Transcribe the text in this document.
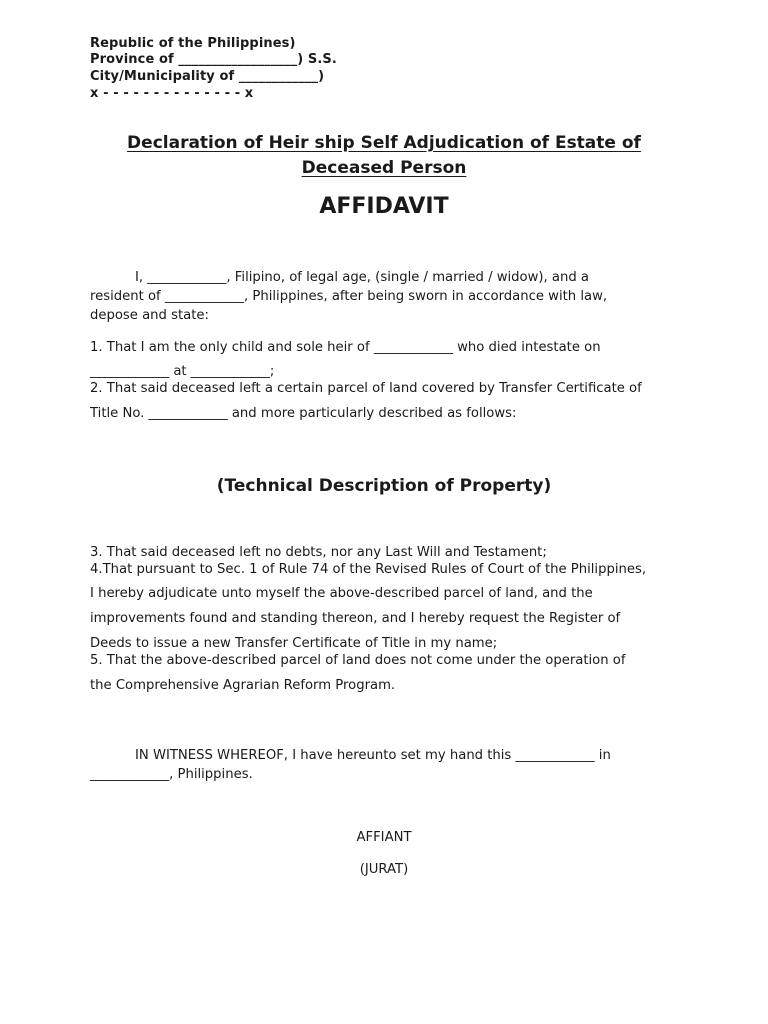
Republic of the Philippines)
Province of __________________) S.S.
City/Municipality of ____________)
x - - - - - - - - - - - - - - x
Declaration of Heir ship Self Adjudication of Estate of
Deceased Person
AFFIDAVIT
I, ____________, Filipino, of legal age, (single / married / widow), and a
resident of ____________, Philippines, after being sworn in accordance with law,
depose and state:
1. That I am the only child and sole heir of ____________ who died intestate on
____________ at ____________;
2. That said deceased left a certain parcel of land covered by Transfer Certificate of
Title No. ____________ and more particularly described as follows:
(Technical Description of Property)
3. That said deceased left no debts, nor any Last Will and Testament;
4.That pursuant to Sec. 1 of Rule 74 of the Revised Rules of Court of the Philippines,
I hereby adjudicate unto myself the above-described parcel of land, and the
improvements found and standing thereon, and I hereby request the Register of
Deeds to issue a new Transfer Certificate of Title in my name;
5. That the above-described parcel of land does not come under the operation of
the Comprehensive Agrarian Reform Program.
IN WITNESS WHEREOF, I have hereunto set my hand this ____________ in
____________, Philippines.
AFFIANT
(JURAT)
